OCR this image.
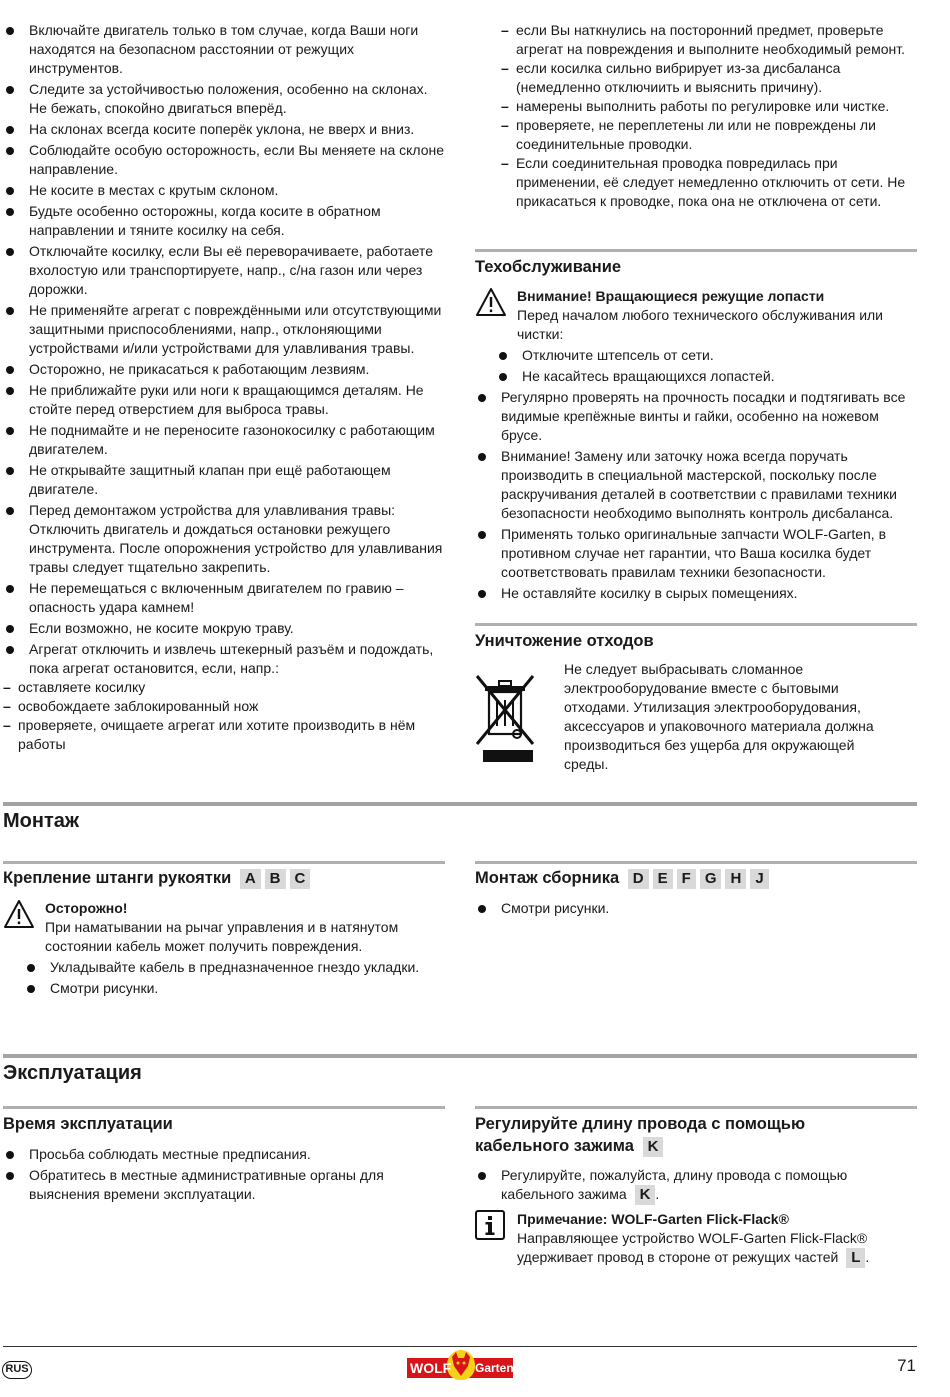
Включайте двигатель только в том случае, когда Ваши ноги находятся на безопасном расстоянии от режущих инструментов.
Следите за устойчивостью положения, особенно на склонах. Не бежать, спокойно двигаться вперёд.
На склонах всегда косите поперёк уклона, не вверх и вниз.
Соблюдайте особую осторожность, если Вы меняете на склоне направление.
Не косите в местах с крутым склоном.
Будьте особенно осторожны, когда косите в обратном направлении и тяните косилку на себя.
Отключайте косилку, если Вы её переворачиваете, работаете вхолостую или транспортируете, напр., с/на газон или через дорожки.
Не применяйте агрегат с повреждёнными или отсутствующими защитными приспособлениями, напр., отклоняющими устройствами и/или устройствами для улавливания травы.
Осторожно, не прикасаться к работающим лезвиям.
Не приближайте руки или ноги к вращающимся деталям. Не стойте перед отверстием для выброса травы.
Не поднимайте и не переносите газонокосилку с работающим двигателем.
Не открывайте защитный клапан при ещё работающем двигателе.
Перед демонтажом устройства для улавливания травы: Отключить двигатель и дождаться остановки режущего инструмента. После опорожнения устройство для улавливания травы следует тщательно закрепить.
Не перемещаться с включенным двигателем по гравию – опасность удара камнем!
Если возможно, не косите мокрую траву.
Агрегат отключить и извлечь штекерный разъём и подождать, пока агрегат остановится, если, напр.:
– оставляете косилку
– освобождаете заблокированный нож
– проверяете, очищаете агрегат или хотите производить в нём работы
– если Вы наткнулись на посторонний предмет, проверьте агрегат на повреждения и выполните необходимый ремонт.
– если косилка сильно вибрирует из-за дисбаланса (немедленно отключиить и выяснить причину).
– намерены выполнить работы по регулировке или чистке.
– проверяете, не переплетены ли или не повреждены ли соединительные проводки.
– Если соединительная проводка повредилась при применении, её следует немедленно отключить от сети. Не прикасаться к проводке, пока она не отключена от сети.
Техобслуживание
Внимание! Вращающиеся режущие лопасти
Перед началом любого технического обслуживания или чистки:
Отключите штепсель от сети.
Не касайтесь вращающихся лопастей.
Регулярно проверять на прочность посадки и подтягивать все видимые крепёжные винты и гайки, особенно на ножевом брусе.
Внимание! Замену или заточку ножа всегда поручать производить в специальной мастерской, поскольку после раскручивания деталей в соответствии с правилами техники безопасности необходимо выполнять контроль дисбаланса.
Применять только оригинальные запчасти WOLF-Garten, в противном случае нет гарантии, что Ваша косилка будет соответствовать правилам техники безопасности.
Не оставляйте косилку в сырых помещениях.
Уничтожение отходов
Не следует выбрасывать сломанное электрооборудование вместе с бытовыми отходами. Утилизация электрооборудования, аксессуаров и упаковочного материала должна производиться без ущерба для окружающей среды.
Монтаж
Крепление штанги рукоятки A B C
Осторожно!
При наматывании на рычаг управления и в натянутом состоянии кабель может получить повреждения.
Укладывайте кабель в предназначенное гнездо укладки.
Смотри рисунки.
Монтаж сборника D E F G H J
Смотри рисунки.
Эксплуатация
Время эксплуатации
Просьба соблюдать местные предписания.
Обратитесь в местные административные органы для выяснения времени эксплуатации.
Регулируйте длину провода с помощью кабельного зажима K
Регулируйте, пожалуйста, длину провода с помощью кабельного зажима K .
Примечание: WOLF-Garten Flick-Flack®
Направляющее устройство WOLF-Garten Flick-Flack® удерживает провод в стороне от режущих частей L .
RUS	WOLF Garten	71
